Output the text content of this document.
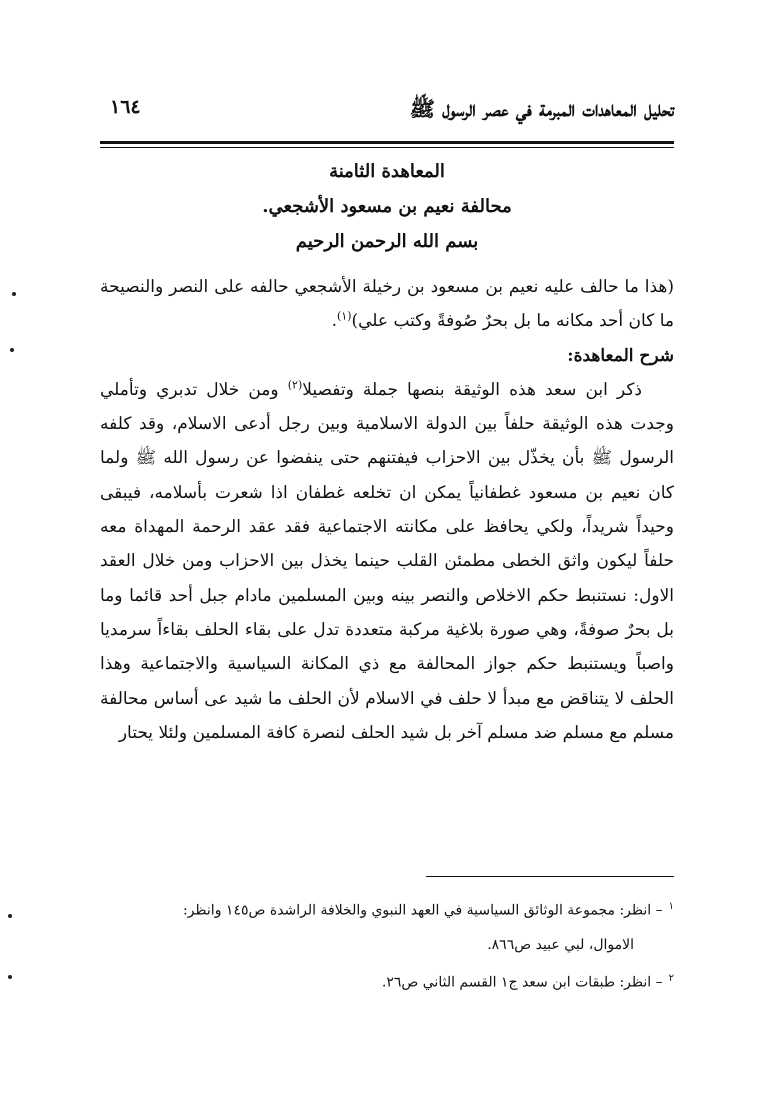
تحليل المعاهدات المبرمة في عصر الرسول ﷺ
١٦٤
المعاهدة الثامنة
محالفة نعيم بن مسعود الأشجعي.
بسم الله الرحمن الرحيم

(هذا ما حالف عليه نعيم بن مسعود بن رخيلة الأشجعي حالفه على النصر والنصيحة ما كان أحد مكانه ما بل بحرٌ صُوفةً وكتب علي)$^{(١)}$.

شرح المعاهدة:

ذكر ابن سعد هذه الوثيقة بنصها جملة وتفصيلا$^{(٢)}$ ومن خلال تدبري وتأملي وجدت هذه الوثيقة حلفاً بين الدولة الاسلامية وبين رجل أدعى الاسلام، وقد كلفه الرسول ﷺ بأن يخذّل بين الاحزاب فيفتنهم حتى ينفضوا عن رسول الله ﷺ ولما كان نعيم بن مسعود غطفانياً يمكن ان تخلعه غطفان اذا شعرت بأسلامه، فيبقى وحيداً شريداً، ولكي يحافظ على مكانته الاجتماعية فقد عقد الرحمة المهداة معه حلفاً ليكون واثق الخطى مطمئن القلب حينما يخذل بين الاحزاب ومن خلال العقد الاول: نستنبط حكم الاخلاص والنصر بينه وبين المسلمين مادام جبل أحد قائما وما بل بحرٌ صوفةً، وهي صورة بلاغية مركبة متعددة تدل على بقاء الحلف بقاءاً سرمديا واصباً ويستنبط حكم جواز المحالفة مع ذي المكانة السياسية والاجتماعية وهذا الحلف لا يتناقض مع مبدأ لا حلف في الاسلام لأن الحلف ما شيد عى أساس محالفة مسلم مع مسلم ضد مسلم آخر بل شيد الحلف لنصرة كافة المسلمين ولئلا يحتار

$^١$– انظر: مجموعة الوثائق السياسية في العهد النبوي والخلافة الراشدة ص١٤٥ وانظر:

الاموال، لبي عبيد ص٨٦٦.

$^٢$– انظر: طبقات ابن سعد ج١ القسم الثاني ص٢٦.
